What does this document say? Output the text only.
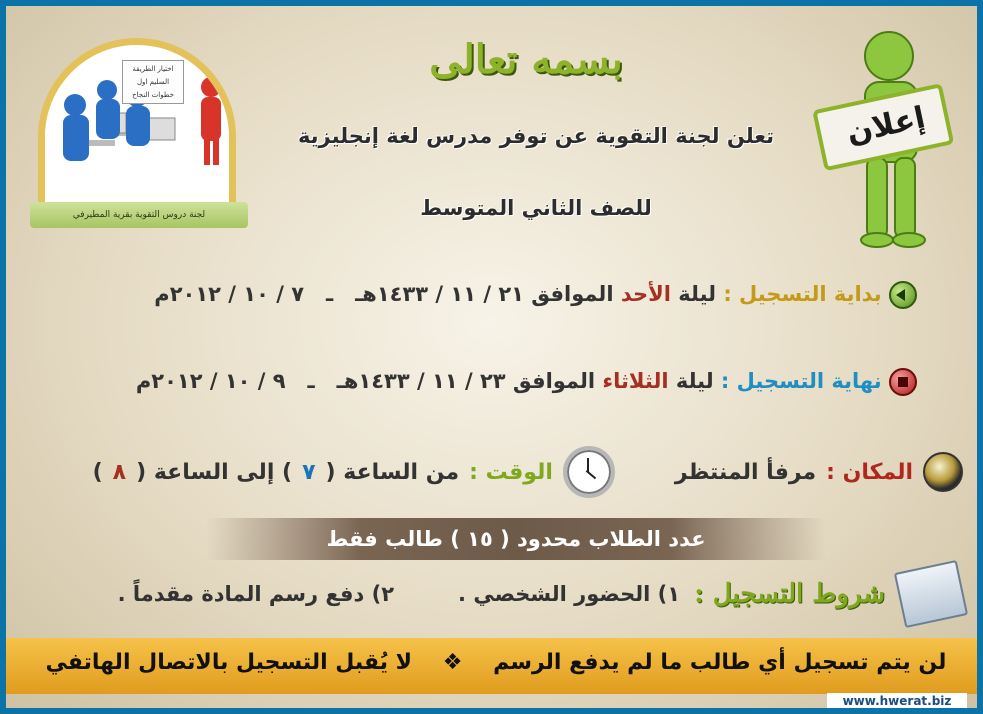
اختيار الطريقة
السليم اول
خطوات النجاح
لجنة دروس التقوية بقرية المطيرفي
إعلان
بسمه تعالى
تعلن لجنة التقوية عن توفر مدرس لغة إنجليزية
للصف الثاني المتوسط
بداية التسجيل : ليلة الأحد الموافق ٢١ / ١١ / ١٤٣٣هـ   ـ   ٧ / ١٠ / ٢٠١٢م
نهاية التسجيل : ليلة الثلاثاء الموافق ٢٣ / ١١ / ١٤٣٣هـ   ـ   ٩ / ١٠ / ٢٠١٢م
المكان :
مرفأ المنتظر
الوقت :
من الساعة (
٧
) إلى الساعة (
٨
)
عدد الطلاب محدود ( ١٥ ) طالب فقط
شروط التسجيل :
١) الحضور الشخصي .
٢) دفع رسم المادة مقدماً .
لن يتم تسجيل أي طالب ما لم يدفع الرسم    ❖    لا يُقبل التسجيل بالاتصال الهاتفي
www.hwerat.biz
